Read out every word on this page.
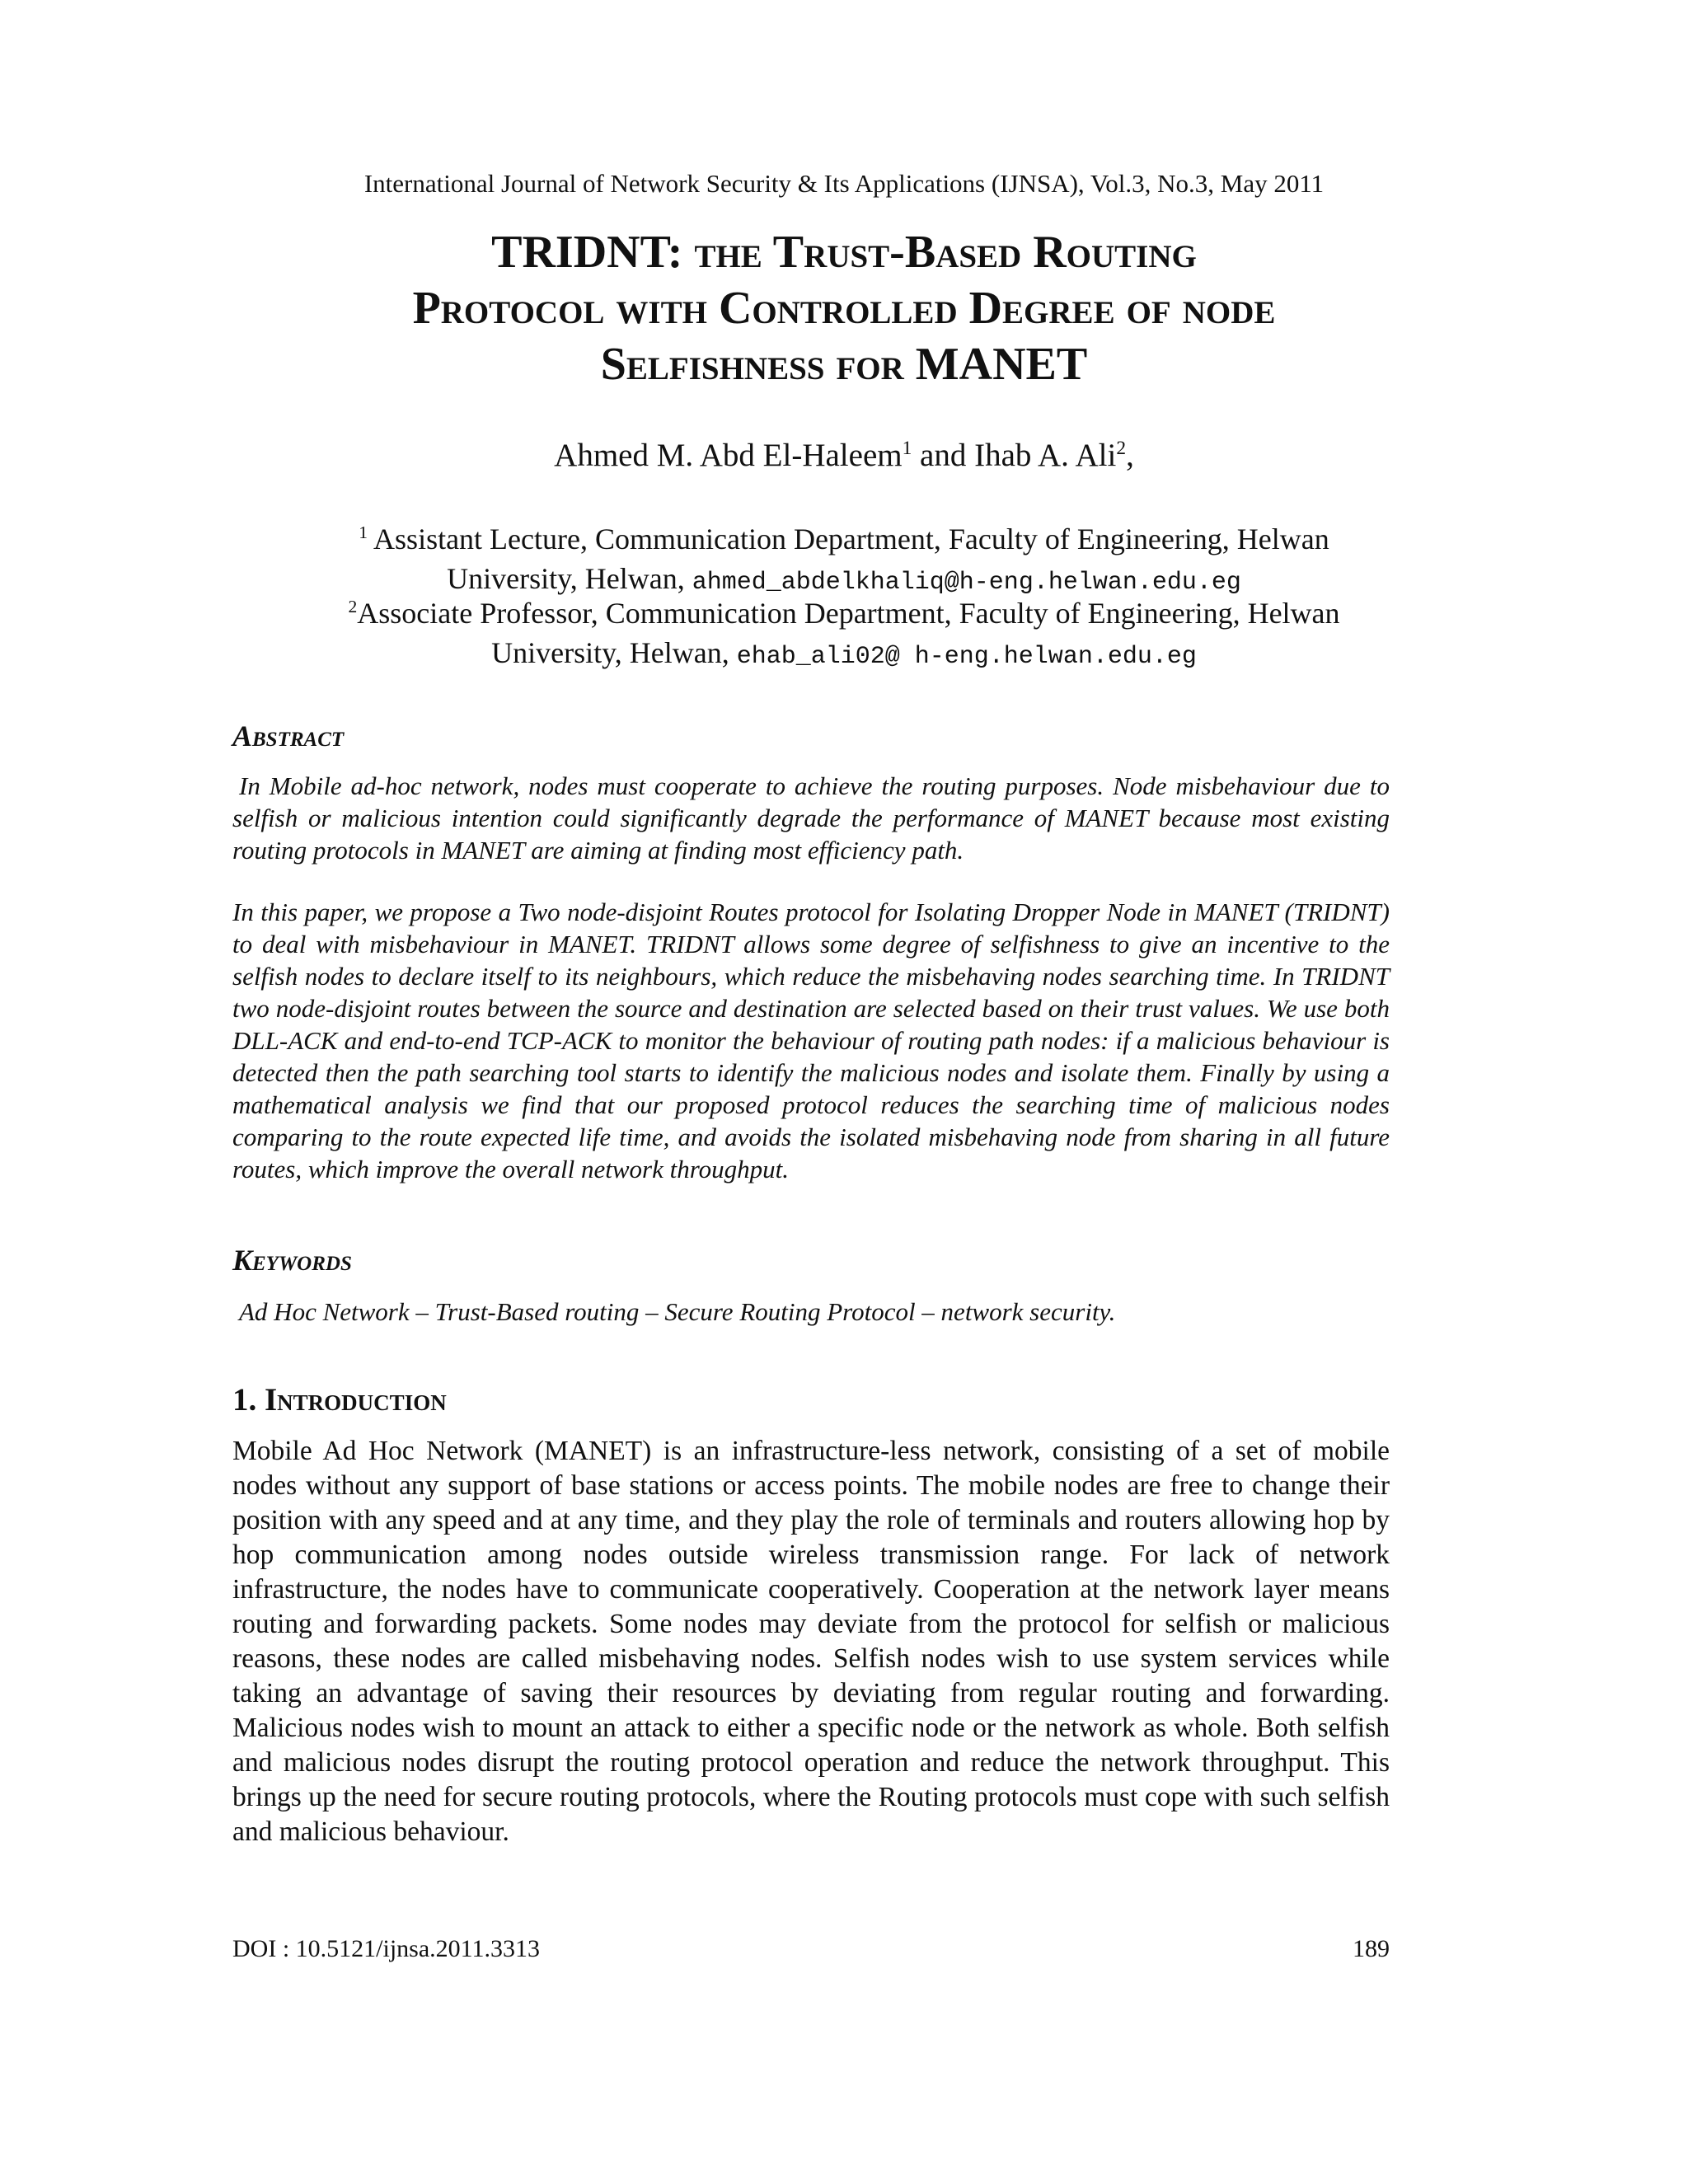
International Journal of Network Security & Its Applications (IJNSA), Vol.3, No.3, May 2011
TRIDNT: the Trust-Based Routing
Protocol with Controlled Degree of node
Selfishness for MANET
Ahmed M. Abd El-Haleem$^1$ and Ihab A. Ali$^2$,
$^1$ Assistant Lecture, Communication Department, Faculty of Engineering, Helwan
University, Helwan, ahmed_abdelkhaliq@h-eng.helwan.edu.eg
$^2$Associate Professor, Communication Department, Faculty of Engineering, Helwan
University, Helwan, ehab_ali02@ h-eng.helwan.edu.eg
Abstract

In Mobile ad-hoc network, nodes must cooperate to achieve the routing purposes. Node misbehaviour due to selfish or malicious intention could significantly degrade the performance of MANET because most existing routing protocols in MANET are aiming at finding most efficiency path.

In this paper, we propose a Two node-disjoint Routes protocol for Isolating Dropper Node in MANET (TRIDNT) to deal with misbehaviour in MANET. TRIDNT allows some degree of selfishness to give an incentive to the selfish nodes to declare itself to its neighbours, which reduce the misbehaving nodes searching time. In TRIDNT two node-disjoint routes between the source and destination are selected based on their trust values. We use both DLL-ACK and end-to-end TCP-ACK to monitor the behaviour of routing path nodes: if a malicious behaviour is detected then the path searching tool starts to identify the malicious nodes and isolate them. Finally by using a mathematical analysis we find that our proposed protocol reduces the searching time of malicious nodes comparing to the route expected life time, and avoids the isolated misbehaving node from sharing in all future routes, which improve the overall network throughput.

Keywords

Ad Hoc Network – Trust-Based routing – Secure Routing Protocol – network security.

1. Introduction

Mobile Ad Hoc Network (MANET) is an infrastructure-less network, consisting of a set of mobile nodes without any support of base stations or access points. The mobile nodes are free to change their position with any speed and at any time, and they play the role of terminals and routers allowing hop by hop communication among nodes outside wireless transmission range. For lack of network infrastructure, the nodes have to communicate cooperatively. Cooperation at the network layer means routing and forwarding packets. Some nodes may deviate from the protocol for selfish or malicious reasons, these nodes are called misbehaving nodes. Selfish nodes wish to use system services while taking an advantage of saving their resources by deviating from regular routing and forwarding. Malicious nodes wish to mount an attack to either a specific node or the network as whole. Both selfish and malicious nodes disrupt the routing protocol operation and reduce the network throughput. This brings up the need for secure routing protocols, where the Routing protocols must cope with such selfish and malicious behaviour.

DOI : 10.5121/ijnsa.2011.3313	189
